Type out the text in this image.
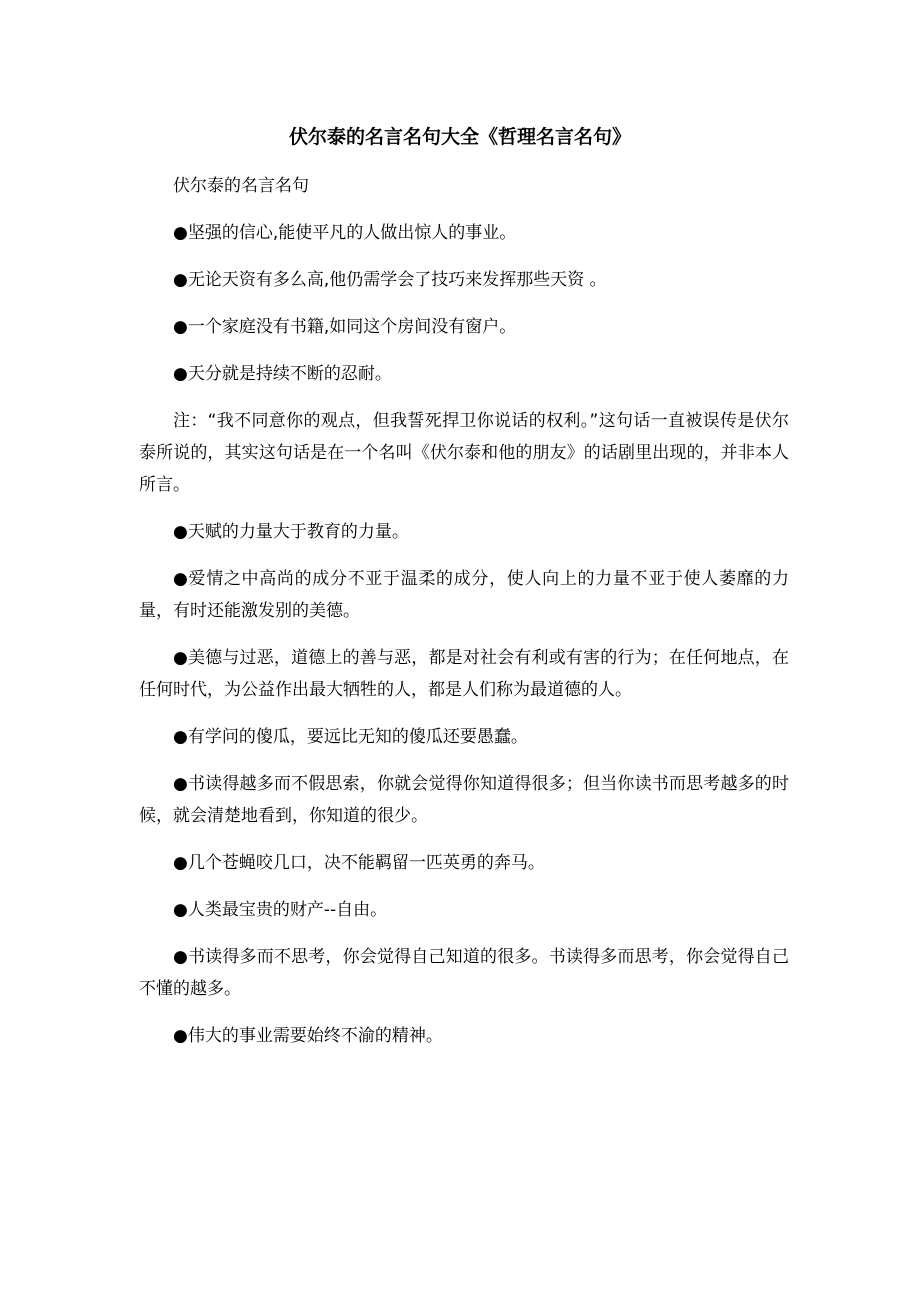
伏尔泰的名言名句大全《哲理名言名句》

伏尔泰的名言名句

●坚强的信心,能使平凡的人做出惊人的事业。

●无论天资有多么高,他仍需学会了技巧来发挥那些天资 。

●一个家庭没有书籍,如同这个房间没有窗户。

●天分就是持续不断的忍耐。

注：“我不同意你的观点，但我誓死捍卫你说话的权利。”这句话一直被误传是伏尔泰所说的，其实这句话是在一个名叫《伏尔泰和他的朋友》的话剧里出现的，并非本人所言。

●天赋的力量大于教育的力量。

●爱情之中高尚的成分不亚于温柔的成分，使人向上的力量不亚于使人萎靡的力量，有时还能激发别的美德。

●美德与过恶，道德上的善与恶，都是对社会有利或有害的行为；在任何地点，在任何时代，为公益作出最大牺牲的人，都是人们称为最道德的人。

●有学问的傻瓜，要远比无知的傻瓜还要愚蠢。

●书读得越多而不假思索，你就会觉得你知道得很多；但当你读书而思考越多的时候，就会清楚地看到，你知道的很少。

●几个苍蝇咬几口，决不能羁留一匹英勇的奔马。

●人类最宝贵的财产--自由。

●书读得多而不思考，你会觉得自己知道的很多。书读得多而思考，你会觉得自己不懂的越多。

●伟大的事业需要始终不渝的精神。
